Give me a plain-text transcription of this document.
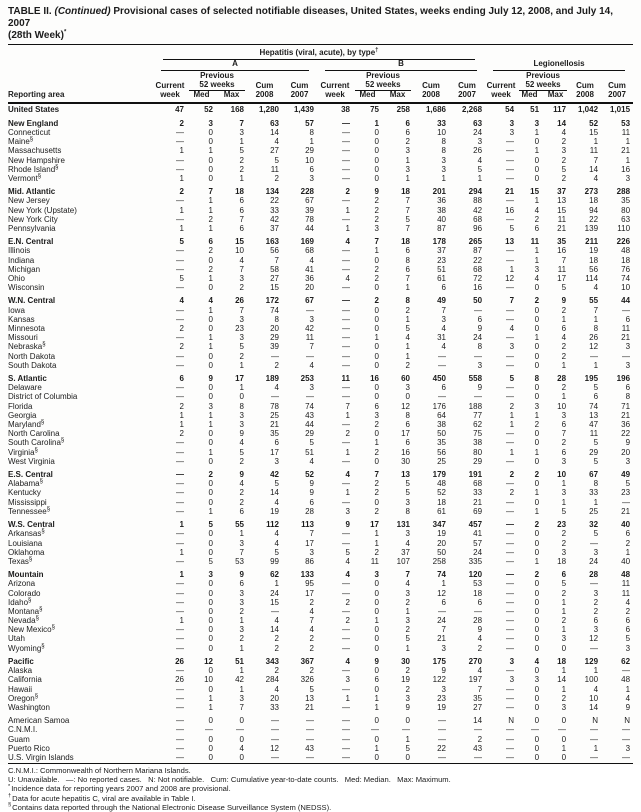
TABLE II. (Continued) Provisional cases of selected notifiable diseases, United States, weeks ending July 12, 2008, and July 14, 2007
(28th Week)*

	Hepatitis (viral, acute), by type†

	A					B					Legionellosis				

		Previous					Previous					Previous			
	Current	52 weeks		Cum	Cum	Current	52 weeks		Cum	Cum	Current	52 weeks		Cum	Cum
Reporting area	week	Med	Max	2008	2007	week	Med	Max	2008	2007	week	Med	Max	2008	2007
United States	47	52	168	1,280	1,439	38	75	258	1,686	2,268	54	51	117	1,042	1,015
New England	2	3	7	63	57	—	1	6	33	63	3	3	14	52	53
Connecticut	—	0	3	14	8	—	0	6	10	24	3	1	4	15	11
Maine§	—	0	1	4	1	—	0	2	8	3	—	0	2	1	1
Massachusetts	1	1	5	27	29	—	0	3	8	26	—	1	3	11	21
New Hampshire	—	0	2	5	10	—	0	1	3	4	—	0	2	7	1
Rhode Island§	—	0	2	11	6	—	0	3	3	5	—	0	5	14	16
Vermont§	1	0	1	2	3	—	0	1	1	1	—	0	2	4	3
Mid. Atlantic	2	7	18	134	228	2	9	18	201	294	21	15	37	273	288
New Jersey	—	1	6	22	67	—	2	7	36	88	—	1	13	18	35
New York (Upstate)	1	1	6	33	39	1	2	7	38	42	16	4	15	94	80
New York City	—	2	7	42	78	—	2	5	40	68	—	2	11	22	63
Pennsylvania	1	1	6	37	44	1	3	7	87	96	5	6	21	139	110
E.N. Central	5	6	15	163	169	4	7	18	178	265	13	11	35	211	226
Illinois	—	2	10	56	68	—	1	6	37	87	—	1	16	19	48
Indiana	—	0	4	7	4	—	0	8	23	22	—	1	7	18	18
Michigan	—	2	7	58	41	—	2	6	51	68	1	3	11	56	76
Ohio	5	1	3	27	36	4	2	7	61	72	12	4	17	114	74
Wisconsin	—	0	2	15	20	—	0	1	6	16	—	0	5	4	10
W.N. Central	4	4	26	172	67	—	2	8	49	50	7	2	9	55	44
Iowa	—	1	7	74	—	—	0	2	7	—	—	0	2	7	—
Kansas	—	0	3	8	3	—	0	1	3	6	—	0	1	1	6
Minnesota	2	0	23	20	42	—	0	5	4	9	4	0	6	8	11
Missouri	—	1	3	29	11	—	1	4	31	24	—	1	4	26	21
Nebraska§	2	1	5	39	7	—	0	1	4	8	3	0	2	12	3
North Dakota	—	0	2	—	—	—	0	1	—	—	—	0	2	—	—
South Dakota	—	0	1	2	4	—	0	2	—	3	—	0	1	1	3
S. Atlantic	6	9	17	189	253	11	16	60	450	558	5	8	28	195	196
Delaware	—	0	1	4	3	—	0	3	6	9	—	0	2	5	6
District of Columbia	—	0	0	—	—	—	0	0	—	—	—	0	1	6	8
Florida	2	3	8	78	74	7	6	12	176	188	2	3	10	74	71
Georgia	1	1	3	25	43	1	3	8	64	77	1	1	3	13	21
Maryland§	1	1	3	21	44	—	2	6	38	62	1	2	6	47	36
North Carolina	2	0	9	35	29	2	0	17	50	75	—	0	7	11	22
South Carolina§	—	0	4	6	5	—	1	6	35	38	—	0	2	5	9
Virginia§	—	1	5	17	51	1	2	16	56	80	1	1	6	29	20
West Virginia	—	0	2	3	4	—	0	30	25	29	—	0	3	5	3
E.S. Central	—	2	9	42	52	4	7	13	179	191	2	2	10	67	49
Alabama§	—	0	4	5	9	—	2	5	48	68	—	0	1	8	5
Kentucky	—	0	2	14	9	1	2	5	52	33	2	1	3	33	23
Mississippi	—	0	2	4	6	—	0	3	18	21	—	0	1	1	—
Tennessee§	—	1	6	19	28	3	2	8	61	69	—	1	5	25	21
W.S. Central	1	5	55	112	113	9	17	131	347	457	—	2	23	32	40
Arkansas§	—	0	1	4	7	—	1	3	19	41	—	0	2	5	6
Louisiana	—	0	3	4	17	—	1	4	20	57	—	0	2	—	2
Oklahoma	1	0	7	5	3	5	2	37	50	24	—	0	3	3	1
Texas§	—	5	53	99	86	4	11	107	258	335	—	1	18	24	40
Mountain	1	3	9	62	133	4	3	7	74	120	—	2	6	28	48
Arizona	—	0	6	1	95	—	0	4	1	53	—	0	5	—	11
Colorado	—	0	3	24	17	—	0	3	12	18	—	0	2	3	11
Idaho§	—	0	3	15	2	2	0	2	6	6	—	0	1	2	4
Montana§	—	0	2	—	4	—	0	1	—	—	—	0	1	2	2
Nevada§	1	0	1	4	7	2	1	3	24	28	—	0	2	6	6
New Mexico§	—	0	3	14	4	—	0	2	7	9	—	0	1	3	6
Utah	—	0	2	2	2	—	0	5	21	4	—	0	3	12	5
Wyoming§	—	0	1	2	2	—	0	1	3	2	—	0	0	—	3
Pacific	26	12	51	343	367	4	9	30	175	270	3	4	18	129	62
Alaska	—	0	1	2	2	—	0	2	9	4	—	0	1	1	—
California	26	10	42	284	326	3	6	19	122	197	3	3	14	100	48
Hawaii	—	0	1	4	5	—	0	2	3	7	—	0	1	4	1
Oregon§	—	1	3	20	13	1	1	3	23	35	—	0	2	10	4
Washington	—	1	7	33	21	—	1	9	19	27	—	0	3	14	9
American Samoa	—	0	0	—	—	—	0	0	—	14	N	0	0	N	N
C.N.M.I.	—	—	—	—	—	—	—	—	—	—	—	—	—	—	—
Guam	—	0	0	—	—	—	0	1	—	2	—	0	0	—	—
Puerto Rico	—	0	4	12	43	—	1	5	22	43	—	0	1	1	3
U.S. Virgin Islands	—	0	0	—	—	—	0	0	—	—	—	0	0	—	—
C.N.M.I.: Commonwealth of Northern Mariana Islands.
U: Unavailable.   —: No reported cases.   N: Not notifiable.   Cum: Cumulative year-to-date counts.   Med: Median.   Max: Maximum.
*Incidence data for reporting years 2007 and 2008 are provisional.
†Data for acute hepatitis C, viral are available in Table I.
§Contains data reported through the National Electronic Disease Surveillance System (NEDSS).
